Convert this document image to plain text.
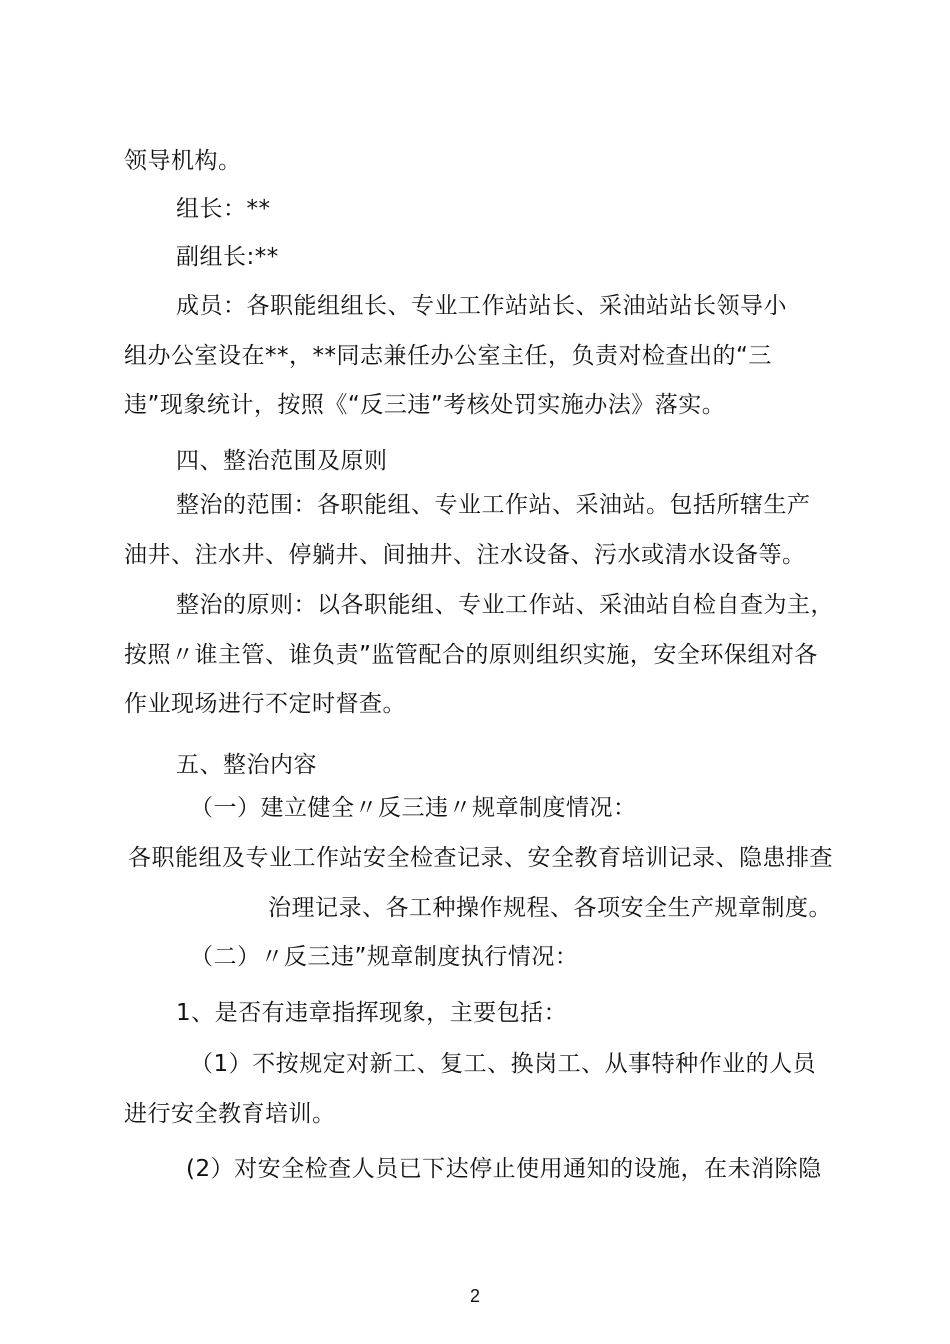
领导机构。
组长：**
副组长:**
成员：各职能组组长、专业工作站站长、采油站站长领导小
组办公室设在**，**同志兼任办公室主任，负责对检查出的“三
违”现象统计，按照《“反三违”考核处罚实施办法》落实。
四、整治范围及原则
整治的范围：各职能组、专业工作站、采油站。包括所辖生产
油井、注水井、停躺井、间抽井、注水设备、污水或清水设备等。
整治的原则：以各职能组、专业工作站、采油站自检自查为主，
按照〃谁主管、谁负责”监管配合的原则组织实施，安全环保组对各
作业现场进行不定时督查。
五、整治内容
（一）建立健全〃反三违〃规章制度情况：
各职能组及专业工作站安全检查记录、安全教育培训记录、隐患排查
治理记录、各工种操作规程、各项安全生产规章制度。
（二）〃反三违”规章制度执行情况：
1、是否有违章指挥现象，主要包括：
（1）不按规定对新工、复工、换岗工、从事特种作业的人员
进行安全教育培训。
(2）对安全检查人员已下达停止使用通知的设施，在未消除隐
2
